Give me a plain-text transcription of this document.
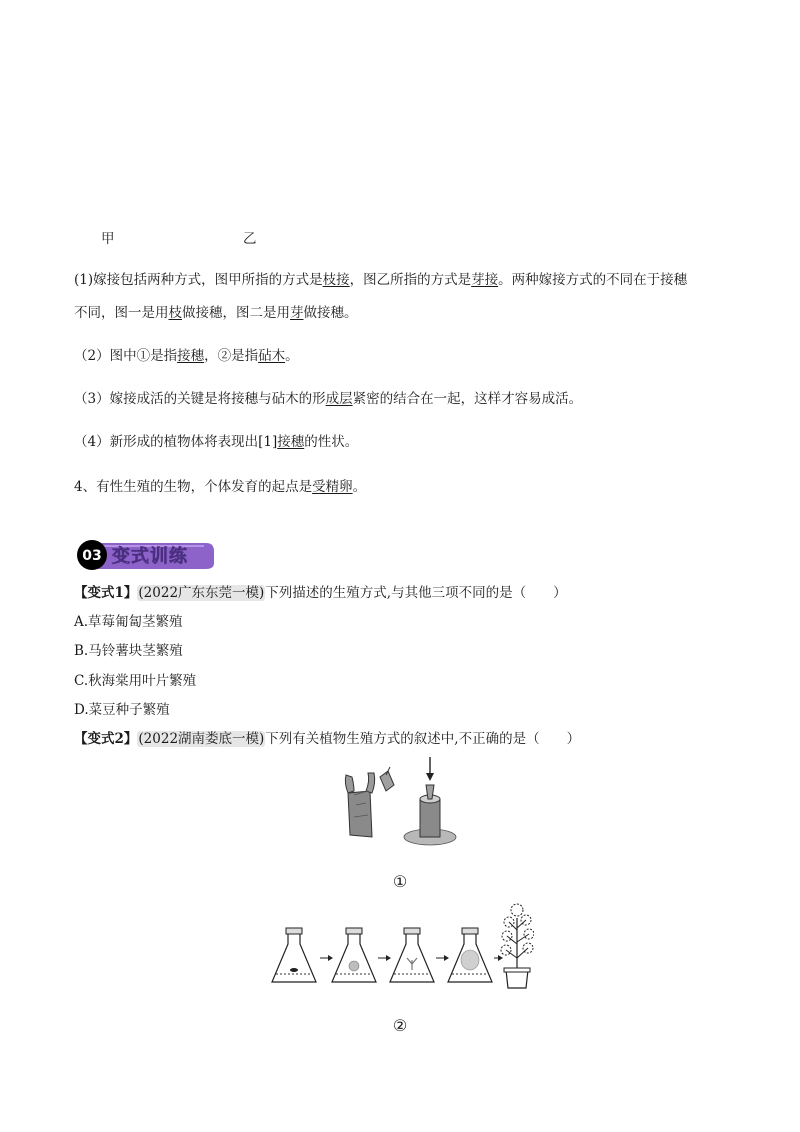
甲	乙
(1)嫁接包括两种方式，图甲所指的方式是枝接，图乙所指的方式是芽接。两种嫁接方式的不同在于接穗
不同，图一是用枝做接穗，图二是用芽做接穗。
（2）图中①是指接穗，②是指砧木。
（3）嫁接成活的关键是将接穗与砧木的形成层紧密的结合在一起，这样才容易成活。
（4）新形成的植物体将表现出[1]接穗的性状。
4、有性生殖的生物，个体发育的起点是受精卵。
03 变式训练
【变式1】(2022广东东莞一模)下列描述的生殖方式,与其他三项不同的是（　　）
A.草莓匍匐茎繁殖
B.马铃薯块茎繁殖
C.秋海棠用叶片繁殖
D.菜豆种子繁殖
【变式2】(2022湖南娄底一模)下列有关植物生殖方式的叙述中,不正确的是（　　）
①
②
